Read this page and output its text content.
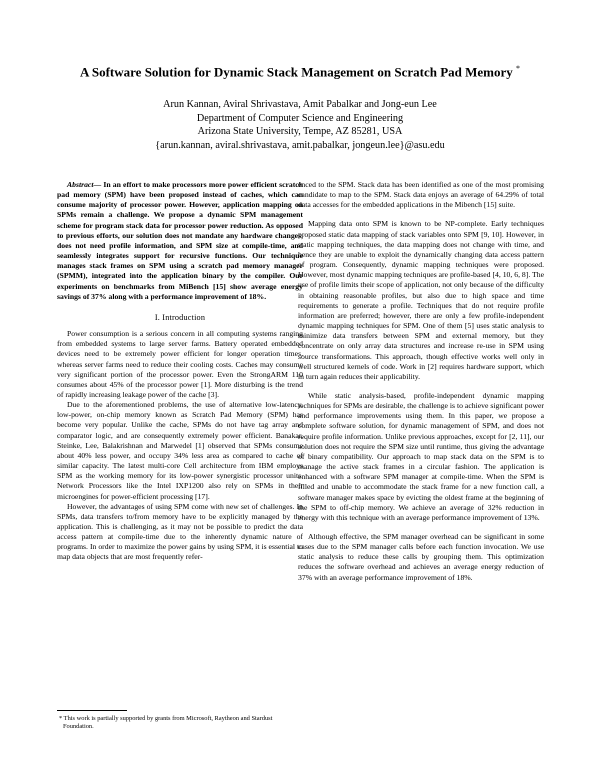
A Software Solution for Dynamic Stack Management on Scratch Pad Memory *
Arun Kannan, Aviral Shrivastava, Amit Pabalkar and Jong-eun Lee
Department of Computer Science and Engineering
Arizona State University, Tempe, AZ 85281, USA
{arun.kannan, aviral.shrivastava, amit.pabalkar, jongeun.lee}@asu.edu

Abstract— In an effort to make processors more power efficient scratch pad memory (SPM) have been proposed instead of caches, which can consume majority of processor power. However, application mapping on SPMs remain a challenge. We propose a dynamic SPM management scheme for program stack data for processor power reduction. As opposed to previous efforts, our solution does not mandate any hardware changes, does not need profile information, and SPM size at compile-time, and seamlessly integrates support for recursive functions. Our technique manages stack frames on SPM using a scratch pad memory manager (SPMM), integrated into the application binary by the compiler. Our experiments on benchmarks from MiBench [15] show average energy savings of 37% along with a performance improvement of 18%.

I. Introduction

Power consumption is a serious concern in all computing systems ranging from embedded systems to large server farms. Battery operated embedded devices need to be extremely power efficient for longer operation times, whereas server farms need to reduce their cooling costs. Caches may consume very significant portion of the processor power. Even the StrongARM 110 consumes about 45% of the processor power [1]. More disturbing is the trend of rapidly increasing leakage power of the cache [3].

Due to the aforementioned problems, the use of alternative low-latency, low-power, on-chip memory known as Scratch Pad Memory (SPM) has become very popular. Unlike the cache, SPMs do not have tag array and comparator logic, and are consequently extremely power efficient. Banakar, Steinke, Lee, Balakrishnan and Marwedel [1] observed that SPMs consume about 40% less power, and occupy 34% less area as compared to cache of similar capacity. The latest multi-core Cell architecture from IBM employs SPM as the working memory for its low-power synergistic processor units. Network Processors like the Intel IXP1200 also rely on SPMs in their microengines for power-efficient processing [17].

However, the advantages of using SPM come with new set of challenges. In SPMs, data transfers to/from memory have to be explicitly managed by the application. This is challenging, as it may not be possible to predict the data access pattern at compile-time due to the inherently dynamic nature of programs. In order to maximize the power gains by using SPM, it is essential to map data objects that are most frequently refer-

enced to the SPM. Stack data has been identified as one of the most promising candidate to map to the SPM. Stack data enjoys an average of 64.29% of total data accesses for the embedded applications in the Mibench [15] suite.

Mapping data onto SPM is known to be NP-complete. Early techniques proposed static data mapping of stack variables onto SPM [9, 10]. However, in static mapping techniques, the data mapping does not change with time, and hence they are unable to exploit the dynamically changing data access pattern of program. Consequently, dynamic mapping techniques were proposed. However, most dynamic mapping techniques are profile-based [4, 10, 6, 8]. The use of profile limits their scope of application, not only because of the difficulty in obtaining reasonable profiles, but also due to high space and time requirements to generate a profile. Techniques that do not require profile information are preferred; however, there are only a few profile-independent dynamic mapping techniques for SPM. One of them [5] uses static analysis to minimize data transfers between SPM and external memory, but they concentrate on only array data structures and increase re-use in SPM using source transformations. This approach, though effective works well only in well structured kernels of code. Work in [2] requires hardware support, which in turn again reduces their applicability.

While static analysis-based, profile-independent dynamic mapping techniques for SPMs are desirable, the challenge is to achieve significant power and performance improvements using them. In this paper, we propose a complete software solution, for dynamic management of SPM, and does not require profile information. Unlike previous approaches, except for [2, 11], our solution does not require the SPM size until runtime, thus giving the advantage of binary compatibility. Our approach to map stack data on the SPM is to manage the active stack frames in a circular fashion. The application is enhanced with a software SPM manager at compile-time. When the SPM is filled and unable to accommodate the stack frame for a new function call, a software manager makes space by evicting the oldest frame at the beginning of the SPM to off-chip memory. We achieve an average of 32% reduction in energy with this technique with an average performance improvement of 13%.

Although effective, the SPM manager overhead can be significant in some cases due to the SPM manager calls before each function invocation. We use static analysis to reduce these calls by grouping them. This optimization reduces the software overhead and achieves an average energy reduction of 37% with an average performance improvement of 18%.

* This work is partially supported by grants from Microsoft, Raytheon and Stardust Foundation.
